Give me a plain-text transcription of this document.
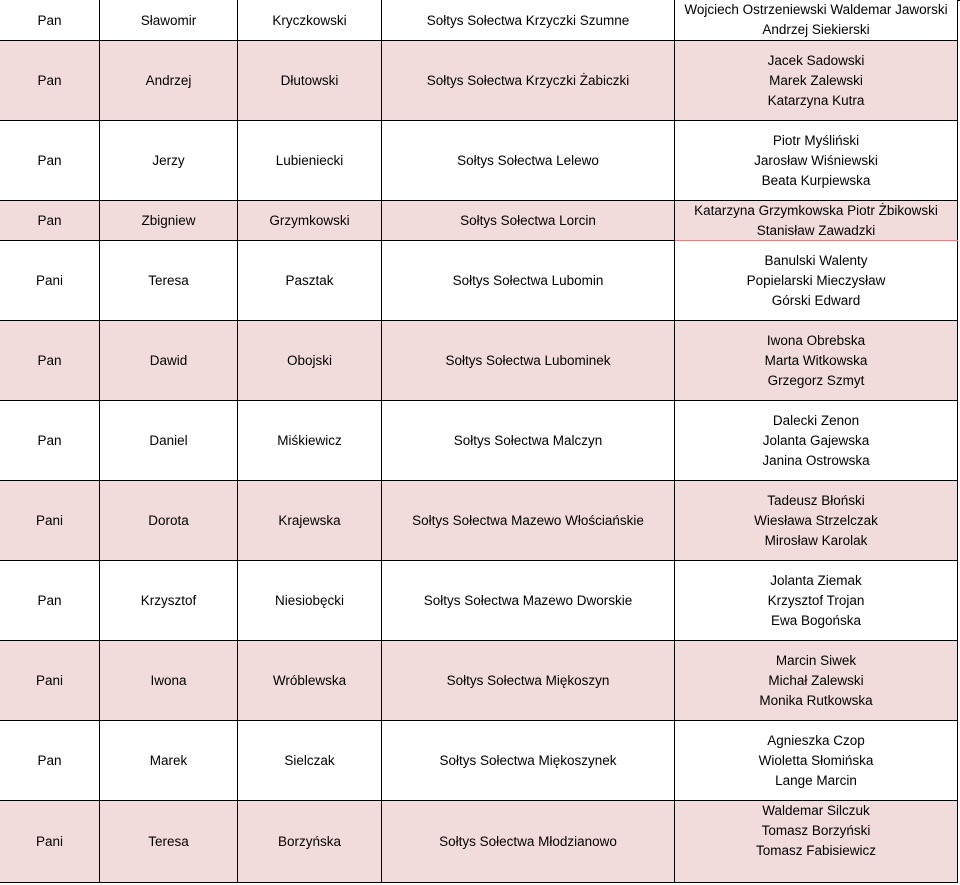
Pan	Sławomir	Kryczkowski	Sołtys Sołectwa Krzyczki Szumne
Wojciech Ostrzeniewski Waldemar Jaworski
Andrzej Siekierski
Pan	Andrzej	Dłutowski	Sołtys Sołectwa Krzyczki Żabiczki
Jacek Sadowski
Marek Zalewski
Katarzyna Kutra
Pan	Jerzy	Lubieniecki	Sołtys Sołectwa Lelewo
Piotr Myśliński
Jarosław Wiśniewski
Beata Kurpiewska
Pan	Zbigniew	Grzymkowski	Sołtys Sołectwa Lorcin
Katarzyna Grzymkowska Piotr Żbikowski
Stanisław Zawadzki
Pani	Teresa	Pasztak	Sołtys Sołectwa Lubomin
Banulski Walenty
Popielarski Mieczysław
Górski Edward
Pan	Dawid	Obojski	Sołtys Sołectwa Lubominek
Iwona Obrebska
Marta Witkowska
Grzegorz Szmyt
Pan	Daniel	Miśkiewicz	Sołtys Sołectwa Malczyn
Dalecki Zenon
Jolanta Gajewska
Janina Ostrowska
Pani	Dorota	Krajewska	Sołtys Sołectwa Mazewo Włościańskie
Tadeusz Błoński
Wiesława Strzelczak
Mirosław Karolak
Pan	Krzysztof	Niesiobęcki	Sołtys Sołectwa Mazewo Dworskie
Jolanta Ziemak
Krzysztof Trojan
Ewa Bogońska
Pani	Iwona	Wróblewska	Sołtys Sołectwa Miękoszyn
Marcin Siwek
Michał Zalewski
Monika Rutkowska
Pan	Marek	Sielczak	Sołtys Sołectwa Miękoszynek
Agnieszka Czop
Wioletta Słomińska
Lange Marcin
Pani	Teresa	Borzyńska	Sołtys Sołectwa Młodzianowo
Waldemar Silczuk
Tomasz Borzyński
Tomasz Fabisiewicz
